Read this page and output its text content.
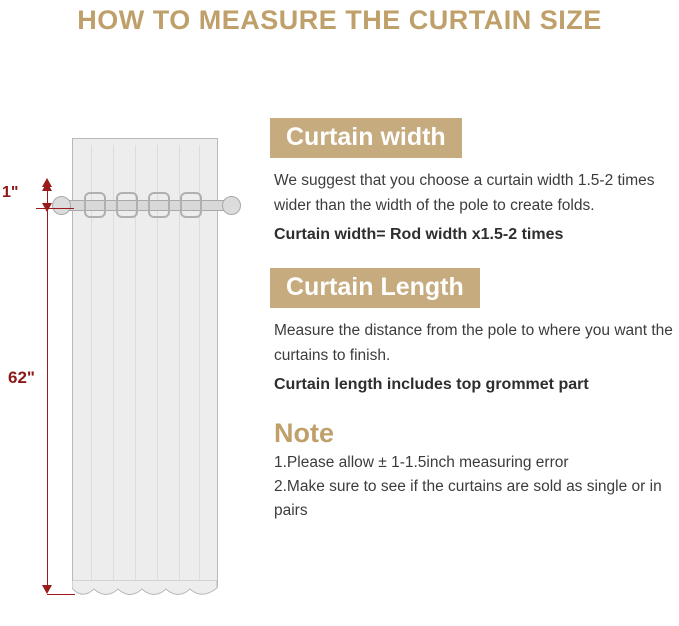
HOW TO MEASURE THE CURTAIN SIZE
1"
62"
Curtain width

We suggest that you choose a curtain width 1.5-2 times wider than the width of the pole to create folds.

Curtain width= Rod width x1.5-2 times
Curtain Length

Measure the distance from the pole to where you want the curtains to finish.

Curtain length includes top grommet part
Note

1.Please allow ± 1-1.5inch measuring error

2.Make sure to see if the curtains are sold as single or in pairs
